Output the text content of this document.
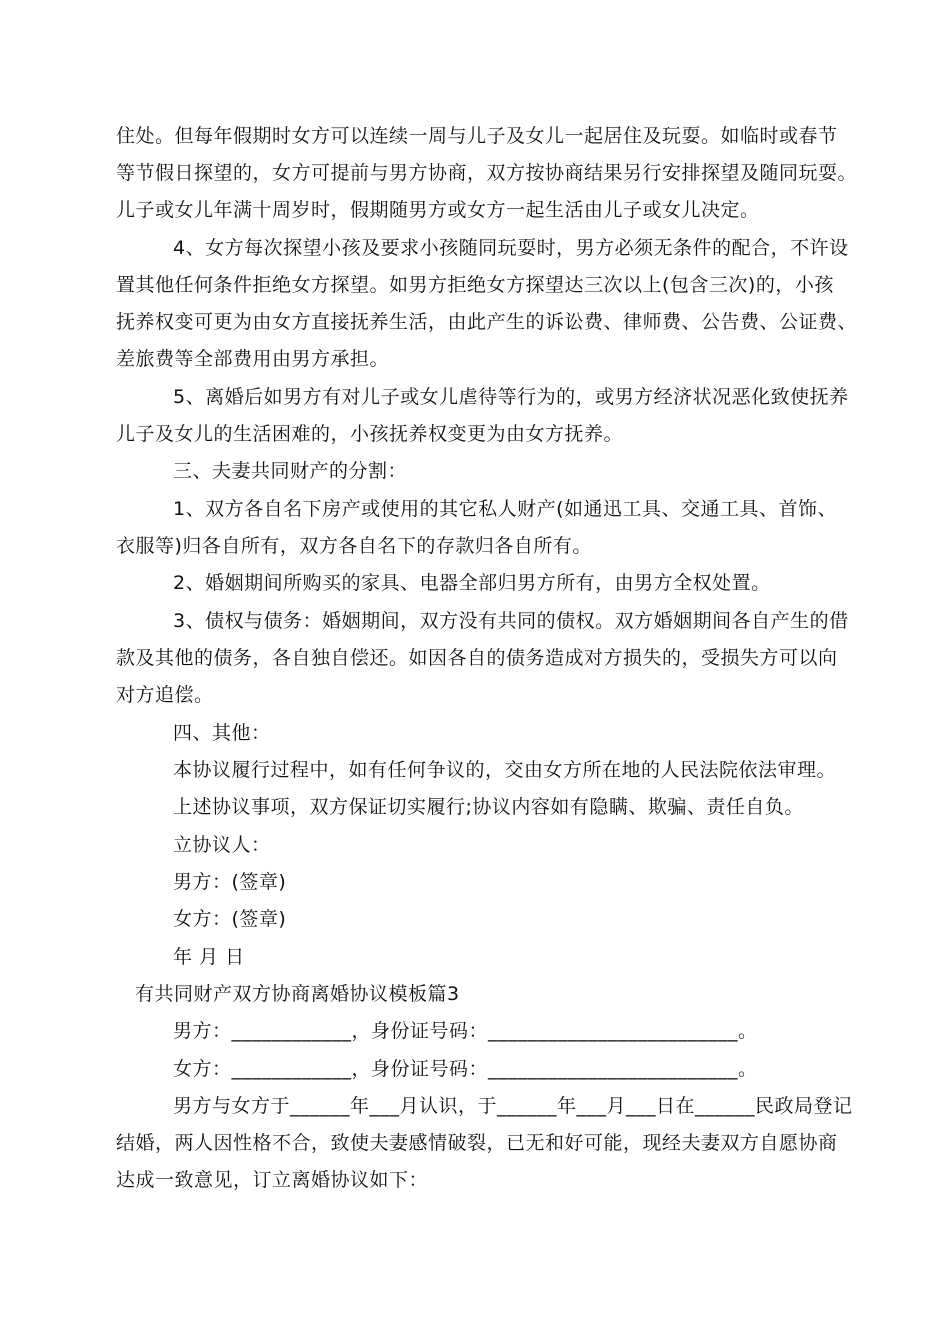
住处。但每年假期时女方可以连续一周与儿子及女儿一起居住及玩耍。如临时或春节
等节假日探望的，女方可提前与男方协商，双方按协商结果另行安排探望及随同玩耍。
儿子或女儿年满十周岁时，假期随男方或女方一起生活由儿子或女儿决定。
4、女方每次探望小孩及要求小孩随同玩耍时，男方必须无条件的配合，不许设
置其他任何条件拒绝女方探望。如男方拒绝女方探望达三次以上(包含三次)的，小孩
抚养权变可更为由女方直接抚养生活，由此产生的诉讼费、律师费、公告费、公证费、
差旅费等全部费用由男方承担。
5、离婚后如男方有对儿子或女儿虐待等行为的，或男方经济状况恶化致使抚养
儿子及女儿的生活困难的，小孩抚养权变更为由女方抚养。
三、夫妻共同财产的分割：
1、双方各自名下房产或使用的其它私人财产(如通迅工具、交通工具、首饰、
衣服等)归各自所有，双方各自名下的存款归各自所有。
2、婚姻期间所购买的家具、电器全部归男方所有，由男方全权处置。
3、债权与债务：婚姻期间，双方没有共同的债权。双方婚姻期间各自产生的借
款及其他的债务，各自独自偿还。如因各自的债务造成对方损失的，受损失方可以向
对方追偿。
四、其他：
本协议履行过程中，如有任何争议的，交由女方所在地的人民法院依法审理。
上述协议事项，双方保证切实履行;协议内容如有隐瞒、欺骗、责任自负。
立协议人：
男方：(签章)
女方：(签章)
年 月 日
有共同财产双方协商离婚协议模板篇3
男方：____________，身份证号码：_________________________。
女方：____________，身份证号码：_________________________。
男方与女方于______年___月认识，于______年___月___日在______民政局登记
结婚，两人因性格不合，致使夫妻感情破裂，已无和好可能，现经夫妻双方自愿协商
达成一致意见，订立离婚协议如下：
